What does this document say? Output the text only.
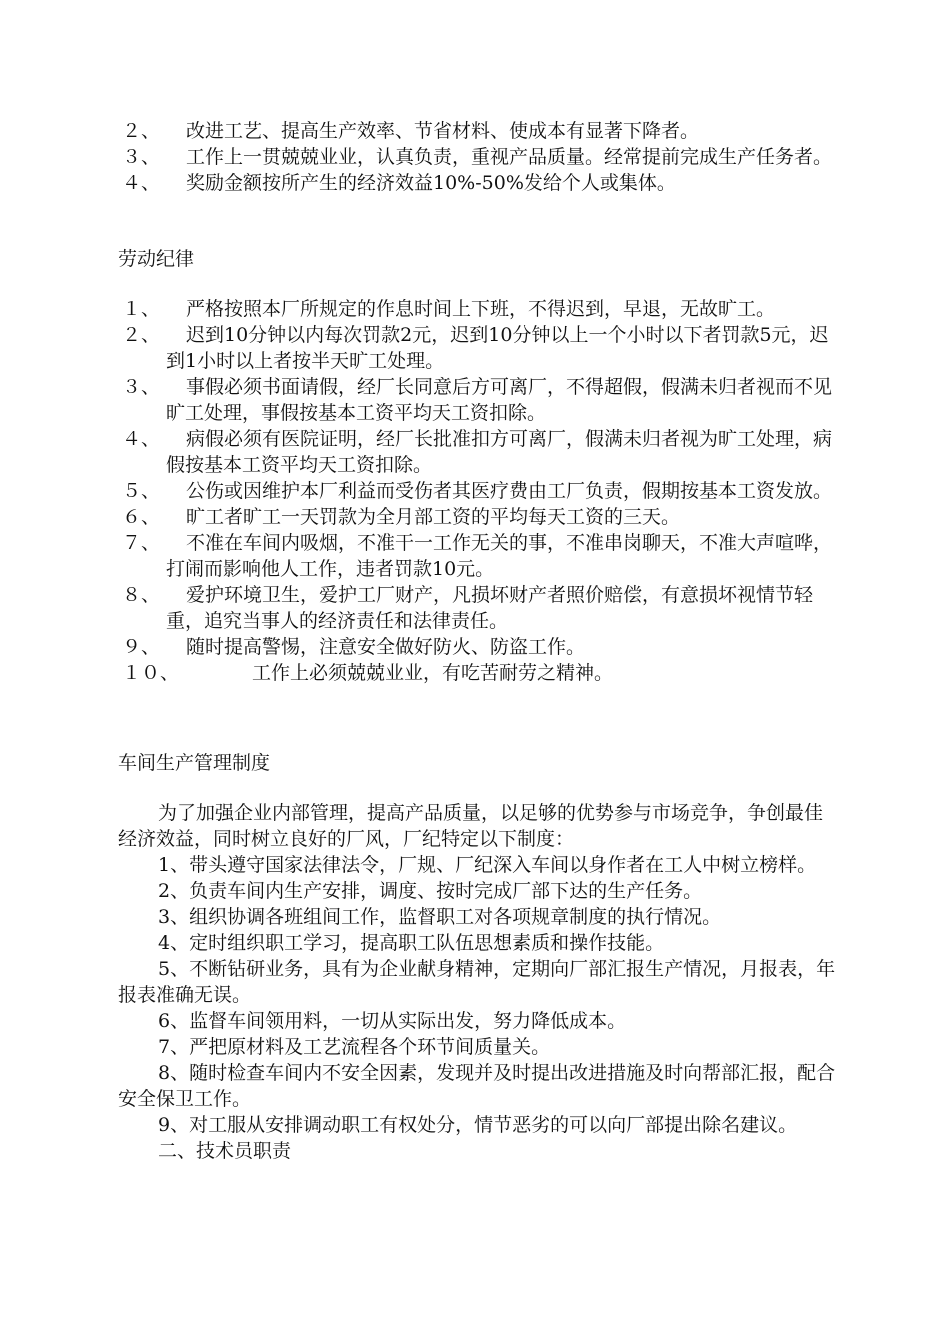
２、	改进工艺、提高生产效率、节省材料、使成本有显著下降者。

３、	工作上一贯兢兢业业，认真负责，重视产品质量。经常提前完成生产任务者。

４、	奖励金额按所产生的经济效益10%-50%发给个人或集体。

劳动纪律

１、	严格按照本厂所规定的作息时间上下班，不得迟到，早退，无故旷工。

２、	迟到10分钟以内每次罚款2元，迟到10分钟以上一个小时以下者罚款5元，迟到1小时以上者按半天旷工处理。

３、	事假必须书面请假，经厂长同意后方可离厂，不得超假，假满未归者视而不见旷工处理，事假按基本工资平均天工资扣除。

４、	病假必须有医院证明，经厂长批准扣方可离厂，假满未归者视为旷工处理，病假按基本工资平均天工资扣除。

５、	公伤或因维护本厂利益而受伤者其医疗费由工厂负责，假期按基本工资发放。

６、	旷工者旷工一天罚款为全月部工资的平均每天工资的三天。

７、	不准在车间内吸烟，不准干一工作无关的事，不准串岗聊天，不准大声喧哗，打闹而影响他人工作，违者罚款10元。

８、	爱护环境卫生，爱护工厂财产，凡损坏财产者照价赔偿，有意损坏视情节轻重，追究当事人的经济责任和法律责任。

９、	随时提高警惕，注意安全做好防火、防盗工作。

１０、	工作上必须兢兢业业，有吃苦耐劳之精神。

车间生产管理制度

为了加强企业内部管理，提高产品质量，以足够的优势参与市场竞争，争创最佳经济效益，同时树立良好的厂风，厂纪特定以下制度：

1、带头遵守国家法律法令，厂规、厂纪深入车间以身作者在工人中树立榜样。

2、负责车间内生产安排，调度、按时完成厂部下达的生产任务。

3、组织协调各班组间工作，监督职工对各项规章制度的执行情况。

4、定时组织职工学习，提高职工队伍思想素质和操作技能。

5、不断钻研业务，具有为企业献身精神，定期向厂部汇报生产情况，月报表，年报表准确无误。

6、监督车间领用料，一切从实际出发，努力降低成本。

7、严把原材料及工艺流程各个环节间质量关。

8、随时检查车间内不安全因素，发现并及时提出改进措施及时向帮部汇报，配合安全保卫工作。

9、对工服从安排调动职工有权处分，情节恶劣的可以向厂部提出除名建议。

二、技术员职责
